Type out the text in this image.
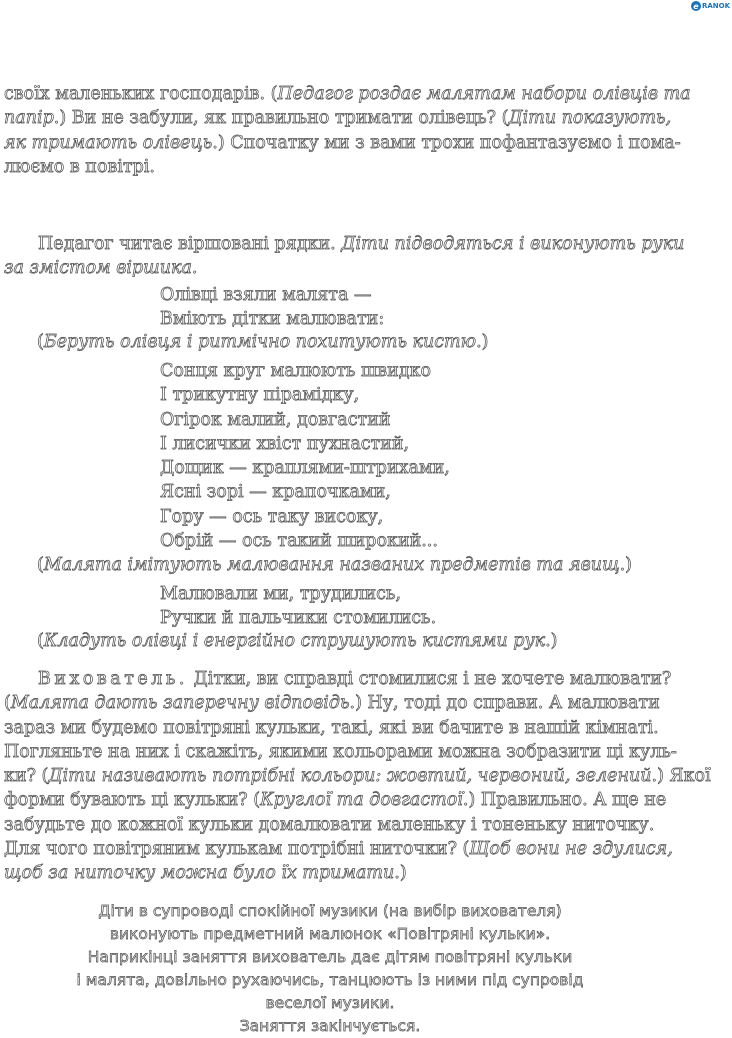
e RANOK
своїх маленьких господарів. (Педагог роздає малятам набори олівців та
папір.) Ви не забули, як правильно тримати олівець? (Діти показують,
як тримають олівець.) Спочатку ми з вами трохи пофантазуємо і пома-
люємо в повітрі.
Педагог читає віршовані рядки. Діти підводяться і виконують руки
за змістом віршика.
Олівці взяли малята —
Вміють дітки малювати:
(Беруть олівця і ритмічно похитують кистю.)
Сонця круг малюють швидко
І трикутну пірамідку,
Огірок малий, довгастий
І лисички хвіст пухнастий,
Дощик — краплями-штрихами,
Ясні зорі — крапочками,
Гору — ось таку високу,
Обрій — ось такий широкий...
(Малята імітують малювання названих предметів та явищ.)
Малювали ми, трудились,
Ручки й пальчики стомились.
(Кладуть олівці і енергійно струшують кистями рук.)
Вихователь. Дітки, ви справді стомилися і не хочете малювати?
(Малята дають заперечну відповідь.) Ну, тоді до справи. А малювати
зараз ми будемо повітряні кульки, такі, які ви бачите в нашій кімнаті.
Погляньте на них і скажіть, якими кольорами можна зобразити ці куль-
ки? (Діти називають потрібні кольори: жовтий, червоний, зелений.) Якої
форми бувають ці кульки? (Круглої та довгастої.) Правильно. А ще не
забудьте до кожної кульки домалювати маленьку і тоненьку ниточку.
Для чого повітряним кулькам потрібні ниточки? (Щоб вони не здулися,
щоб за ниточку можна було їх тримати.)
Діти в супроводі спокійної музики (на вибір вихователя)
виконують предметний малюнок «Повітряні кульки».
Наприкінці заняття вихователь дає дітям повітряні кульки
і малята, довільно рухаючись, танцюють із ними під супровід
веселої музики.
Заняття закінчується.
